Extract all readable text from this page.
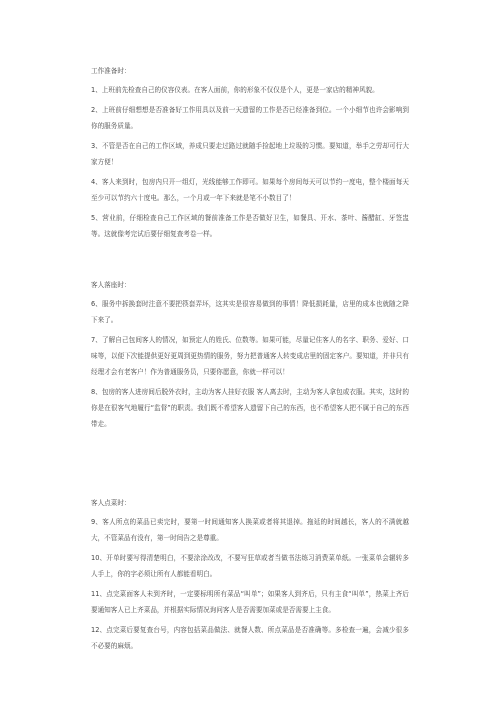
工作准备时：

1、上班前先检查自己的仪容仪表。在客人面前，你的形象不仅仅是个人，更是一家店的精神风貌。

2、上班前仔细想想是否准备好工作用具以及前一天遗留的工作是否已经准备到位。一个小细节也许会影响到你的服务质量。

3、不管是否在自己的工作区域，养成只要走过路过就随手捡起地上垃圾的习惯。要知道，举手之劳却可行大家方便！

4、客人来到时，包房内只开一组灯，光线能够工作即可。如果每个房间每天可以节约一度电，整个楼面每天至少可以节约六十度电。那么，一个月或一年下来就是笔不小数目了！

5、营业前，仔细检查自己工作区域的餐前准备工作是否做好卫生，如餐具、开水、茶叶、酱醋缸、牙签盅等。这就像考完试后要仔细复查考卷一样。

客人落座时：

6、服务中拆换套时注意不要把筷套弄坏，这其实是很容易做到的事情！降低损耗量，店里的成本也就随之降下来了。

7、了解自己包间客人的情况，如预定人的姓氏、位数等。如果可能，尽量记住客人的名字、职务、爱好、口味等，以便下次能提供更好更周到更热情的服务，努力把普通客人转变成店里的固定客户。要知道，并非只有经理才会有老客户！作为普通服务员，只要你愿意，你就一样可以！

8、包房的客人进房间后脱外衣时，主动为客人挂好衣服 客人离去时，主动为客人拿包或衣服。其实，这时的你是在很客气地履行“监督”的职责。我们既不希望客人遗留下自己的东西，也不希望客人把不属于自己的东西带走。

客人点菜时：

9、客人所点的菜品已卖完时，要第一时间通知客人换菜或者将其退掉。拖延的时间越长，客人的不满就越大，不管菜品有没有，第一时间告之是尊重。

10、开单时要写得清楚明白，不要涂涂改改，不要写狂草或者当做书法练习消费菜单纸。一张菜单会辗转多人手上，你的字必须让所有人都能看明白。

11、点完菜面客人未到齐时，一定要标明所有菜品“叫单”；如果客人到齐后，只有主食“叫单”，热菜上齐后要通知客人已上齐菜品，并根据实际情况询问客人是否需要加菜或是否需要上主食。

12、点完菜后要复查台号，内容包括菜品做法、就餐人数、所点菜品是否准确等。多检查一遍，会减少很多不必要的麻烦。
